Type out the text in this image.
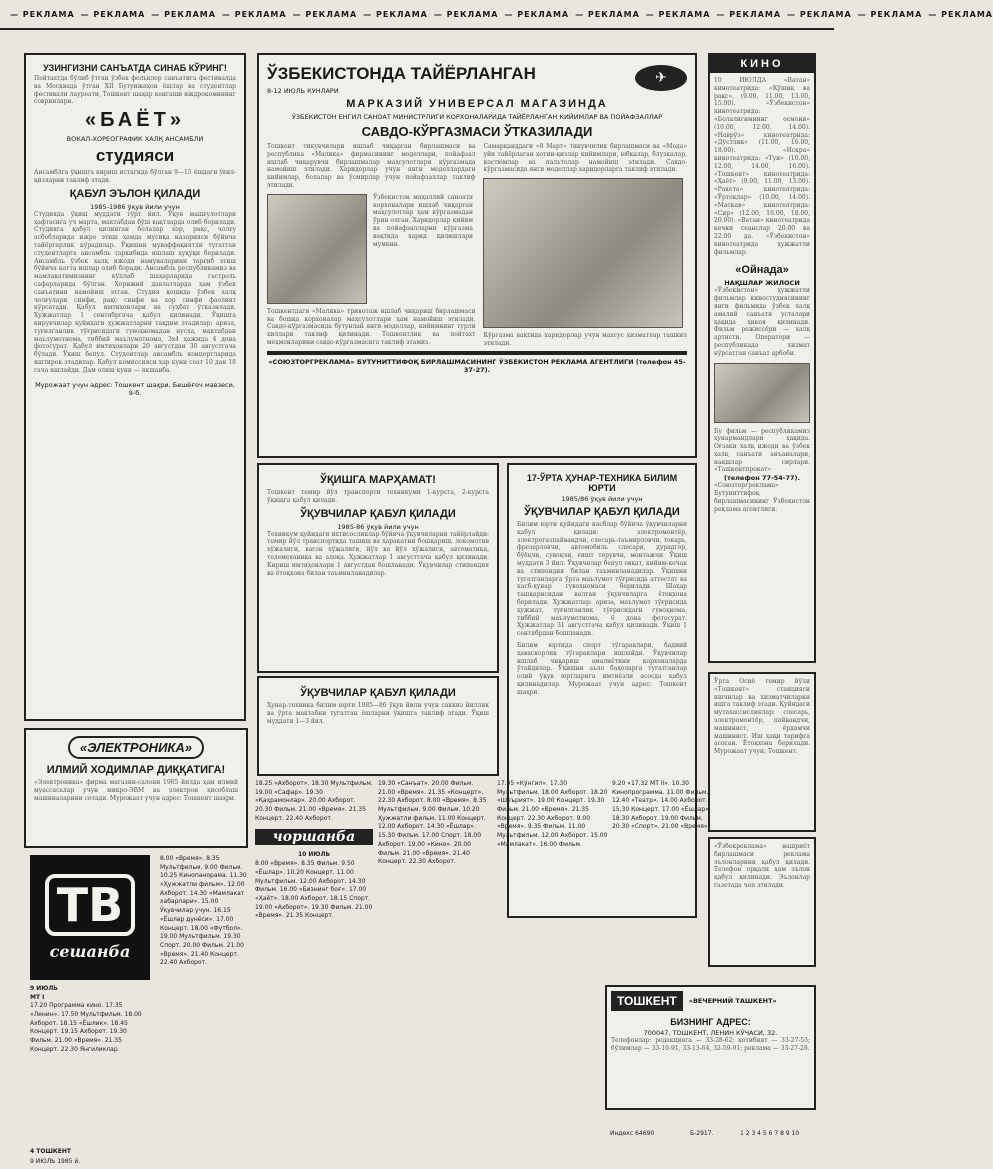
— РЕКЛАМА — РЕКЛАМА — РЕКЛАМА — РЕКЛАМА — РЕКЛАМА — РЕКЛАМА — РЕКЛАМА — РЕКЛАМА — РЕКЛАМА — РЕКЛАМА — РЕКЛАМА — РЕКЛАМА — РЕКЛАМА — РЕКЛАМА
УЗИНГИЗНИ САНЪАТДА СИНАБ КЎРИНГ!
Пойтахтда бўлиб ўтган ўзбек фольклор санъатига фестивалда ва Москвада ўтган XII Бутунжаҳон ёшлар ва студентлар фестивали лауреати, Тошкент шаҳар кенгаши иждрокомининг совринлари.
«БАЁТ»
ВОКАЛ-ХОРЕОГРАФИК ХАЛҚ АНСАМБЛИ
студияси
Ансамблга ўқишга кириш истагида бўлган 9—15 ёшдаги ўғил-қизларни таклиф этади.
ҚАБУЛ ЭЪЛОН ҚИЛАДИ
1985-1986 ўқув йили учун
Студияда ўқиш муддати тўрт йил. Ўқув машғулотлари ҳафтасига уч марта, мактабдан бўш вақтларда олиб борилади. Студияга қабул қилинган болалар хор, рақс, чолғу асбобларида ижро этиш ҳамда мусиқа назарияси бўйича тайёргарлик кўрадилар. Ўқишни муваффақиятли тугатган студентларга ансамбль таркибида ишлаш ҳуқуқи берилади. Ансамбль ўзбек халқ ижоди намуналарини тарғиб этиш бўйича катта ишлар олиб боради. Ансамбль республикамиз ва мамлакатимизнинг кўплаб шаҳарларида гастроль сафарларида бўлган. Хорижий давлатларда ҳам ўзбек санъатини намойиш этган. Студия қошида ўзбек халқ чолғулари синфи, рақс синфи ва хор синфи фаолият кўрсатади. Қабул имтиҳонлари ва суҳбат ўтказилади. Ҳужжатлар 1 сентябргача қабул қилинади. Ўқишга кирувчилар қуйидаги ҳужжатларни тақдим этадилар: ариза, туғилганлик тўғрисидаги гувоҳномадан нусха, мактабдан маълумотнома, тиббий маълумотнома, 3х4 ҳажмда 4 дона фотосурат. Қабул имтиҳонлари 20 августдан 30 августгача бўлади. Ўқиш бепул. Студентлар ансамбль концертларида иштирок этадилар. Қабул комиссияси ҳар куни соат 10 дан 18 гача ишлайди. Дам олиш куни — якшанба.
Мурожаат учун адрес: Тошкент шаҳри, Бешёғоч мавзеси, 9-б.
ЎЗБЕКИСТОНДА ТАЙЁРЛАНГАН
8-12 ИЮЛЬ КУНЛАРИ
✈
МАРКАЗИЙ УНИВЕРСАЛ МАГАЗИНДА
ЎЗБЕКИСТОН ЕНГИЛ САНОАТ МИНИСТРЛИГИ КОРХОНАЛАРИДА ТАЙЁРЛАНГАН КИЙИМЛАР ВА ПОЙАФЗАЛЛАР
САВДО-КЎРГАЗМАСИ ЎТКАЗИЛАДИ
Тошкент тикувчилари ишлаб чиқарган бирлашмаси ва республика «Малика» фирмасининг моделлари, пойафзал ишлаб чиқарувчи бирлашмалар маҳсулотлари кўргазмада намойиш этилади. Харидорлар учун янги моделлардаги кийимлар, болалар ва ўсмирлар учун пойафзаллар таклиф этилади.
Ўзбекистон маҳаллий саноати корхоналари ишлаб чиқарган маҳсулотлар ҳам кўргазмадан ўрин олган. Харидорлар кийим ва пойафзалларни кўргазма вақтида харид қилишлари мумкин.
Тошкентдаги «Малика» трикотаж ишлаб чиқариш бирлашмаси ва бошқа корхоналар маҳсулотлари ҳам намойиш этилади. Савдо-кўргазмасида бутунлай янги моделлар, кийимнинг турли хиллари таклиф қилинади. Тошкентлик ва пойтахт меҳмонларини савдо-кўргазмасига таклиф этамиз.
Самарқанддаги «8 Март» тикувчилик бирлашмаси ва «Мода» уйи тайёрлаган хотин-қизлар кийимлари, юбкалар, блузкалар, костюмлар ва пальтолар намойиш этилади. Савдо-кўргазмасида янги моделлар харидорларга таклиф этилади.
Кўргазма вақтида харидорлар учун махсус хизматлар ташкил этилади.
«СОЮЗТОРГРЕКЛАМА» БУТУНИТТИФОҚ БИРЛАШМАСИНИНГ ЎЗБЕКИСТОН РЕКЛАМА АГЕНТЛИГИ (телефон 45-37-27).
КИНО
10 ИЮЛДА «Ватан» кинотеатрида: «Қўшиқ ва рақс», (9.00, 11.00, 13.00, 15.00). «Ўзбекистон» кинотеатрида: «Болалигимнинг осмони» (10.00, 12.00, 14.00). «Наврўз» кинотеатрида: «Дўстлик» (11.00, 16.00, 18.00). «Искра» кинотеатрида: «Тун» (10.00, 12.00, 14.00, 16.00). «Тошкент» кинотеатрида: «Ҳаёт» (9.00, 11.00, 13.00). «Ракета» кинотеатрида: «Ўртоқлар» (10.00, 14.00). «Маскав» кинотеатрида: «Сир» (12.00, 16.00, 18.00, 20.00). «Ватан» кинотеатрида кечки сеанслар 20.00 ва 22.00 да. «Ўзбекистон» кинотеатрида ҳужжатли фильмлар.
«Ойнада»
НАҚШЛАР ЖИЛОСИ
«Ўзбекистон» ҳужжатли фильмлар киностудиясининг янги фильмида ўзбек халқ амалий санъати усталари ҳақида ҳикоя қилинади. Фильм режиссёри — халқ артисти. Оператори — республикада хизмат кўрсатган санъат арбоби.
Бу фильм — республикамиз ҳунармандлари ҳақида. Оғзаки халқ ижоди ва ўзбек халқ санъати анъаналари, нақшлар сирлари. «Ташкентпрокат»
(телефон 77-54-77).
«Союзторгреклама» Бутуниттифоқ бирлашмасининг Ўзбекистон реклама агентлиги.
ЎҚИШГА МАРҲАМАТ!
Тошкент темир йўл транспорти техникуми 1-курсга, 2-курсга ўқишга қабул қилади.
ЎҚУВЧИЛАР ҚАБУЛ ҚИЛАДИ
1985-86 ўқув йили учун
Техникум қуйидаги ихтисосликлар бўйича ўқувчиларни тайёрлайди: темир йўл транспортида ташиш ва ҳаракатни бошқариш, локомотив хўжалиги, вагон хўжалиги, йўл ва йўл хўжалиги, автоматика, телемеханика ва алоқа. Ҳужжатлар 1 августгача қабул қилинади. Кириш имтиҳонлари 1 августдан бошланади. Ўқувчилар стипендия ва ётоқхона билан таъминланадилар.
17-ЎРТА ҲУНАР-ТЕХНИКА БИЛИМ ЮРТИ
1985/86 ўқув йили учун
ЎҚУВЧИЛАР ҚАБУЛ ҚИЛАДИ
Билим юрти қуйидаги касблар бўйича ўқувчиларни қабул қилади: электромонтёр, электрогазпайвандчи, слесарь-таъмирловчи, токарь, фрезерловчи, автомобиль слесари, дурадгор, бўёқчи, сувоқчи, ғишт терувчи, монтажчи. Ўқиш муддати 3 йил. Ўқувчилар бепул овқат, кийим-кечак ва стипендия билан таъминланадилар. Ўқишни тугатганларга ўрта маълумот тўғрисида аттестат ва касб-ҳунар гувоҳномаси берилади. Шаҳар ташқарисидан келган ўқувчиларга ётоқхона берилади. Ҳужжатлар: ариза, маълумот тўғрисида ҳужжат, туғилганлик тўғрисидаги гувоҳнома, тиббий маълумотнома, 6 дона фотосурат. Ҳужжатлар 31 августгача қабул қилинади. Ўқиш 1 сентябрдан бошланади.
Билим юртида спорт тўгараклари, бадиий ҳаваскорлик тўгараклари ишлайди. Ўқувчилар ишлаб чиқариш амалиётини корхоналарда ўтайдилар. Ўқишни аъло баҳоларга тугатганлар олий ўқув юртларига имтиёзли асосда қабул қилинадилар. Мурожаат учун адрес: Тошкент шаҳри.
ЎҚУВЧИЛАР ҚАБУЛ ҚИЛАДИ
Ҳунар-техника билим юрти 1985—86 ўқув йили учун саккиз йиллик ва ўрта мактабни тугатган ёшларни ўқишга таклиф этади. Ўқиш муддати 1—3 йил.
«ЭЛЕКТРОНИКА»
ИЛМИЙ ХОДИМЛАР ДИҚҚАТИГА!
«Электроника» фирма магазин-салони 1985 йилда ҳам илмий муассасалар учун микро-ЭВМ ва электрон ҳисоблаш машиналарини сотади. Мурожаат учун адрес: Тошкент шаҳри.
Ўрта Осиё темир йўли «Тошкент» станцияси ишчилар ва хизматчиларни ишга таклиф этади. Қуйидаги мутахассисликлар: слесарь, электромонтёр, пайвандчи, машинист, ёрдамчи машинист. Иш ҳақи тарифга асосан. Ётоқхона берилади. Мурожаат учун: Тошкент.
«Ўзбекреклама» нашриёт бирлашмаси реклама эълонларини қабул қилади. Телефон орқали ҳам эълон қабул қилинади. Эълонлар газетада чоп этилади.
ТВ
сешанба

9 ИЮЛЬ

МТ I

17.20 Программа кино. 17.35 «Ленин». 17.50 Мультфильм. 18.00 Ахборот. 18.15 «Ёшлик». 18.45 Концерт. 19.15 Ахборот. 19.30 Фильм. 21.00 «Время». 21.35 Концерт. 22.30 Янгиликлар.

8.00 «Время». 8.35 Мультфильм. 9.00 Фильм. 10.25 Кинопанорама. 11.30 «Ҳужжатли фильм». 12.00 Ахборот. 14.30 «Мамлакат хабарлари». 15.00 Ўқувчилар учун. 16.15 «Ёшлар дунёси». 17.00 Концерт. 18.00 «Футбол». 19.00 Мультфильм. 19.30 Спорт. 20.00 Фильм. 21.00 «Время». 21.40 Концерт. 22.40 Ахборот.

18.25 «Ахборот». 18.30 Мультфильм. 19.00 «Сафар». 19.30 «Қаҳрамонлар». 20.00 Ахборот. 20.30 Фильм. 21.00 «Время». 21.35 Концерт. 22.40 Ахборот.

чоршанба

10 ИЮЛЬ

8.00 «Время». 8.35 Фильм. 9.50 «Ёшлар». 10.20 Концерт. 11.00 Мультфильм. 12.00 Ахборот. 14.30 Фильм. 16.00 «Бизнинг боғ». 17.00 «Ҳаёт». 18.00 Ахборот. 18.15 Спорт. 19.00 «Ахборот». 19.30 Фильм. 21.00 «Время». 21.35 Концерт.

19.30 «Санъат». 20.00 Фильм. 21.00 «Время». 21.35 «Концерт». 22.30 Ахборот. 8.00 «Время». 8.35 Мультфильм. 9.00 Фильм. 10.20 Ҳужжатли фильм. 11.00 Концерт. 12.00 Ахборот. 14.30 «Ёшлар». 15.30 Фильм. 17.00 Спорт. 18.00 Ахборот. 19.00 «Кино». 20.00 Фильм. 21.00 «Время». 21.40 Концерт. 22.30 Ахборот.

17.05 «Кўнгил». 17.30 Мультфильм. 18.00 Ахборот. 18.20 «Шеърият». 19.00 Концерт. 19.30 Фильм. 21.00 «Время». 21.35 Концерт. 22.30 Ахборот. 9.00 «Время». 9.35 Фильм. 11.00 Мультфильм. 12.00 Ахборот. 15.00 «Мамлакат». 16.00 Фильм.

9.20 «17.32 МТ II». 10.30 Кинопрограмма. 11.00 Фильм. 12.40 «Театр». 14.00 Ахборот. 15.30 Концерт. 17.00 «Ёшлар». 18.30 Ахборот. 19.00 Фильм. 20.30 «Спорт». 21.00 «Время».

ТОШКЕНТ	«ВЕЧЕРНИЙ ТАШКЕНТ»
БИЗНИНГ АДРЕС:
700047, ТОШКЕНТ, ЛЕНИН КЎЧАСИ, 32.
Телефонлар: редакцияга — 33-28-62; котибият — 33-27-53; бўлимлар — 33-10-91, 33-13-64, 32-59-91; реклама — 33-27-28.
Индекс 64690	Б-2917.	1 2 3 4 5 6 7 8 9 10
4 ТОШКЕНТ
9 ИЮЛЬ 1985 й.
